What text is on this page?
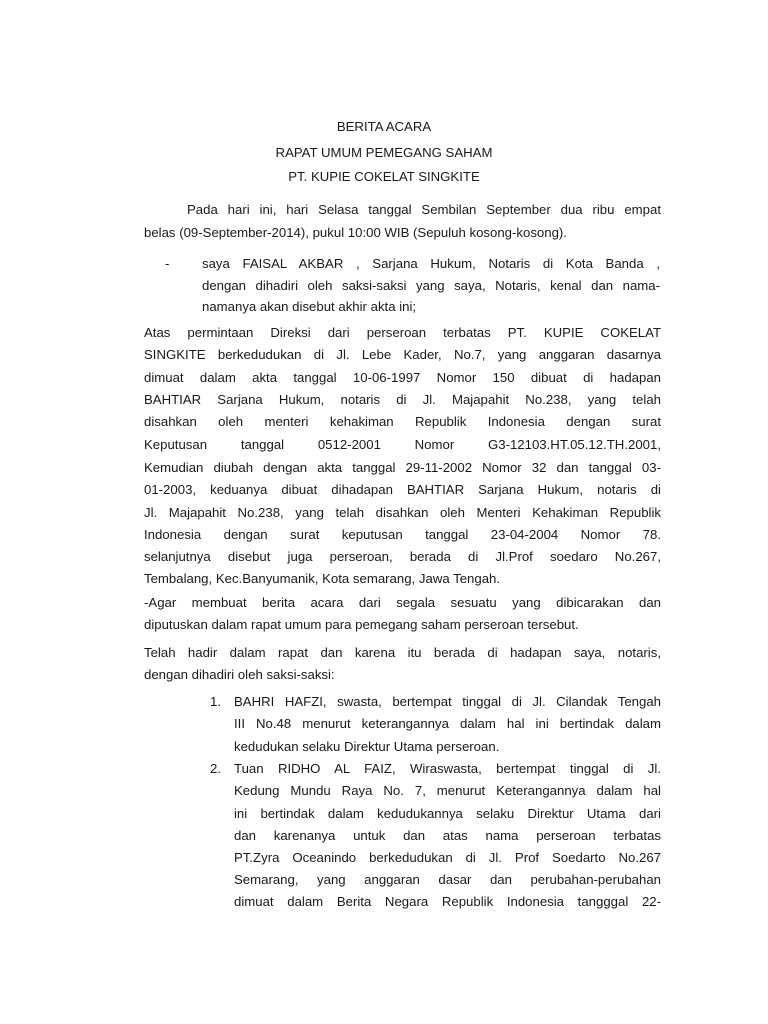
BERITA ACARA
RAPAT UMUM PEMEGANG SAHAM
PT. KUPIE COKELAT SINGKITE
Pada hari ini, hari Selasa tanggal Sembilan September dua ribu empat
belas (09-September-2014), pukul 10:00 WIB (Sepuluh kosong-kosong).
- saya FAISAL AKBAR , Sarjana Hukum, Notaris di Kota Banda ,
dengan dihadiri oleh saksi-saksi yang saya, Notaris, kenal dan nama-
namanya akan disebut akhir akta ini;
Atas permintaan Direksi dari perseroan terbatas PT. KUPIE COKELAT
SINGKITE berkedudukan di Jl. Lebe Kader, No.7, yang anggaran dasarnya
dimuat dalam akta tanggal 10-06-1997 Nomor 150 dibuat di hadapan
BAHTIAR Sarjana Hukum, notaris di Jl. Majapahit No.238, yang telah
disahkan oleh menteri kehakiman Republik Indonesia dengan surat
Keputusan tanggal 0512-2001 Nomor G3-12103.HT.05.12.TH.2001,
Kemudian diubah dengan akta tanggal 29-11-2002 Nomor 32 dan tanggal 03-
01-2003, keduanya dibuat dihadapan BAHTIAR Sarjana Hukum, notaris di
Jl. Majapahit No.238, yang telah disahkan oleh Menteri Kehakiman Republik
Indonesia dengan surat keputusan tanggal 23-04-2004 Nomor 78.
selanjutnya disebut juga perseroan, berada di Jl.Prof soedaro No.267,
Tembalang, Kec.Banyumanik, Kota semarang, Jawa Tengah.
-Agar membuat berita acara dari segala sesuatu yang dibicarakan dan
diputuskan dalam rapat umum para pemegang saham perseroan tersebut.
Telah hadir dalam rapat dan karena itu berada di hadapan saya, notaris,
dengan dihadiri oleh saksi-saksi:
1. BAHRI HAFZI, swasta, bertempat tinggal di Jl. Cilandak Tengah
III No.48 menurut keterangannya dalam hal ini bertindak dalam
kedudukan selaku Direktur Utama perseroan.
2. Tuan RIDHO AL FAIZ, Wiraswasta, bertempat tinggal di Jl.
Kedung Mundu Raya No. 7, menurut Keterangannya dalam hal
ini bertindak dalam kedudukannya selaku Direktur Utama dari
dan karenanya untuk dan atas nama perseroan terbatas
PT.Zyra Oceanindo berkedudukan di Jl. Prof Soedarto No.267
Semarang, yang anggaran dasar dan perubahan-perubahan
dimuat dalam Berita Negara Republik Indonesia tangggal 22-
